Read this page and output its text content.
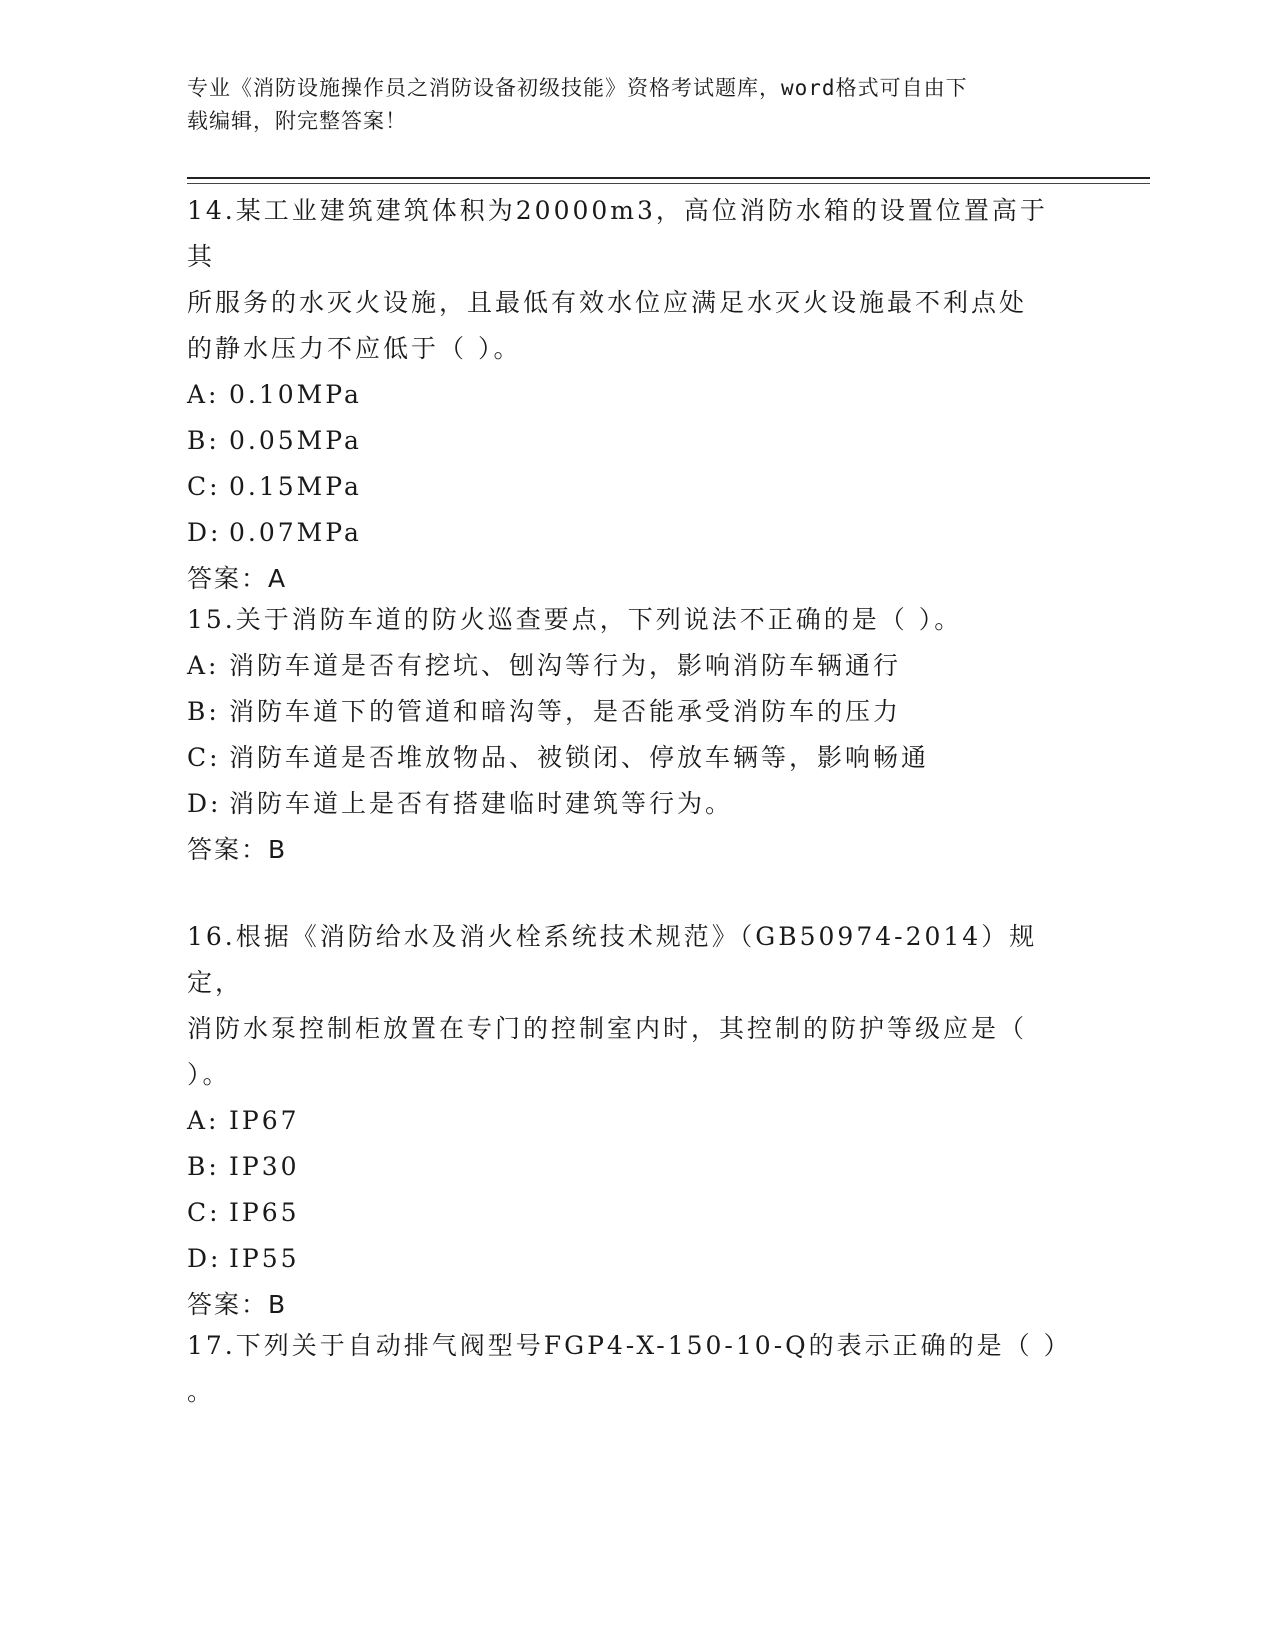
专业《消防设施操作员之消防设备初级技能》资格考试题库，word格式可自由下
载编辑，附完整答案！
14.某工业建筑建筑体积为20000m3，高位消防水箱的设置位置高于其
所服务的水灭火设施，且最低有效水位应满足水灭火设施最不利点处
的静水压力不应低于（ ）。
A: 0.10MPa
B: 0.05MPa
C: 0.15MPa
D: 0.07MPa
答案：A
15.关于消防车道的防火巡查要点，下列说法不正确的是（ ）。
A: 消防车道是否有挖坑、刨沟等行为，影响消防车辆通行
B: 消防车道下的管道和暗沟等，是否能承受消防车的压力
C: 消防车道是否堆放物品、被锁闭、停放车辆等，影响畅通
D: 消防车道上是否有搭建临时建筑等行为。
答案：B
16.根据《消防给水及消火栓系统技术规范》（GB50974-2014）规定，
消防水泵控制柜放置在专门的控制室内时，其控制的防护等级应是（
）。
A: IP67
B: IP30
C: IP65
D: IP55
答案：B
17.下列关于自动排气阀型号FGP4-X-150-10-Q的表示正确的是（ ）
。
